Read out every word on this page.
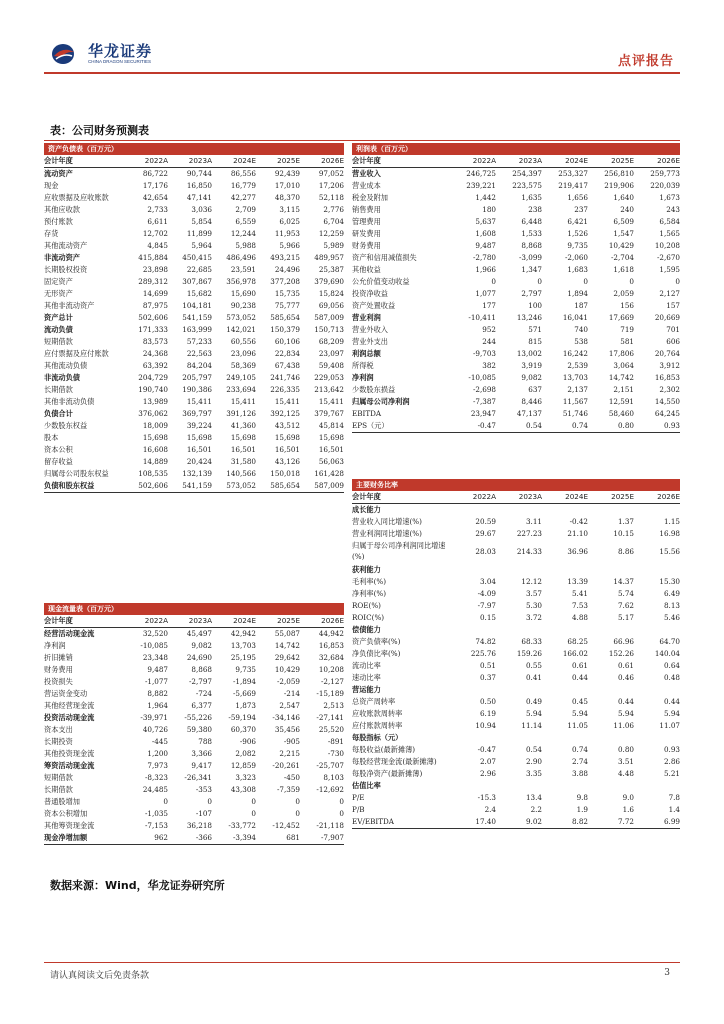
华龙证券
CHINA DRAGON SECURITIES	点评报告
表：公司财务预测表
资产负债表（百万元）
会计年度	2022A	2023A	2024E	2025E	2026E
流动资产	86,722	90,744	86,556	92,439	97,052
现金	17,176	16,850	16,779	17,010	17,206
应收票据及应收账款	42,654	47,141	42,277	48,370	52,118
其他应收款	2,733	3,036	2,709	3,115	2,776
预付账款	6,611	5,854	6,559	6,025	6,704
存货	12,702	11,899	12,244	11,953	12,259
其他流动资产	4,845	5,964	5,988	5,966	5,989
非流动资产	415,884	450,415	486,496	493,215	489,957
长期股权投资	23,898	22,685	23,591	24,496	25,387
固定资产	289,312	307,867	356,978	377,208	379,690
无形资产	14,699	15,682	15,690	15,735	15,824
其他非流动资产	87,975	104,181	90,238	75,777	69,056
资产总计	502,606	541,159	573,052	585,654	587,009
流动负债	171,333	163,999	142,021	150,379	150,713
短期借款	83,573	57,233	60,556	60,106	68,209
应付票据及应付账款	24,368	22,563	23,096	22,834	23,097
其他流动负债	63,392	84,204	58,369	67,438	59,408
非流动负债	204,729	205,797	249,105	241,746	229,053
长期借款	190,740	190,386	233,694	226,335	213,642
其他非流动负债	13,989	15,411	15,411	15,411	15,411
负债合计	376,062	369,797	391,126	392,125	379,767
少数股东权益	18,009	39,224	41,360	43,512	45,814
股本	15,698	15,698	15,698	15,698	15,698
资本公积	16,608	16,501	16,501	16,501	16,501
留存收益	14,889	20,424	31,580	43,126	56,063
归属母公司股东权益	108,535	132,139	140,566	150,018	161,428
负债和股东权益	502,606	541,159	573,052	585,654	587,009
利润表（百万元）
会计年度	2022A	2023A	2024E	2025E	2026E
营业收入	246,725	254,397	253,327	256,810	259,773
营业成本	239,221	223,575	219,417	219,906	220,039
税金及附加	1,442	1,635	1,656	1,640	1,673
销售费用	180	238	237	240	243
管理费用	5,637	6,448	6,421	6,509	6,584
研发费用	1,608	1,533	1,526	1,547	1,565
财务费用	9,487	8,868	9,735	10,429	10,208
资产和信用减值损失	-2,780	-3,099	-2,060	-2,704	-2,670
其他收益	1,966	1,347	1,683	1,618	1,595
公允价值变动收益	0	0	0	0	0
投资净收益	1,077	2,797	1,894	2,059	2,127
资产处置收益	177	100	187	156	157
营业利润	-10,411	13,246	16,041	17,669	20,669
营业外收入	952	571	740	719	701
营业外支出	244	815	538	581	606
利润总额	-9,703	13,002	16,242	17,806	20,764
所得税	382	3,919	2,539	3,064	3,912
净利润	-10,085	9,082	13,703	14,742	16,853
少数股东损益	-2,698	637	2,137	2,151	2,302
归属母公司净利润	-7,387	8,446	11,567	12,591	14,550
EBITDA	23,947	47,137	51,746	58,460	64,245
EPS（元）	-0.47	0.54	0.74	0.80	0.93
现金流量表（百万元）
会计年度	2022A	2023A	2024E	2025E	2026E
经营活动现金流	32,520	45,497	42,942	55,087	44,942
净利润	-10,085	9,082	13,703	14,742	16,853
折旧摊销	23,348	24,690	25,195	29,642	32,684
财务费用	9,487	8,868	9,735	10,429	10,208
投资损失	-1,077	-2,797	-1,894	-2,059	-2,127
营运资金变动	8,882	-724	-5,669	-214	-15,189
其他经营现金流	1,964	6,377	1,873	2,547	2,513
投资活动现金流	-39,971	-55,226	-59,194	-34,146	-27,141
资本支出	40,726	59,380	60,370	35,456	25,520
长期投资	-445	788	-906	-905	-891
其他投资现金流	1,200	3,366	2,082	2,215	-730
筹资活动现金流	7,973	9,417	12,859	-20,261	-25,707
短期借款	-8,323	-26,341	3,323	-450	8,103
长期借款	24,485	-353	43,308	-7,359	-12,692
普通股增加	0	0	0	0	0
资本公积增加	-1,035	-107	0	0	0
其他筹资现金流	-7,153	36,218	-33,772	-12,452	-21,118
现金净增加额	962	-366	-3,394	681	-7,907
主要财务比率
会计年度	2022A	2023A	2024E	2025E	2026E
成长能力
营业收入同比增速(%)	20.59	3.11	-0.42	1.37	1.15
营业利润同比增速(%)	29.67	227.23	21.10	10.15	16.98
归属于母公司净利润同比增速(%)
28.03	214.33	36.96	8.86	15.56
获利能力
毛利率(%)	3.04	12.12	13.39	14.37	15.30
净利率(%)	-4.09	3.57	5.41	5.74	6.49
ROE(%)	-7.97	5.30	7.53	7.62	8.13
ROIC(%)	0.15	3.72	4.88	5.17	5.46
偿债能力
资产负债率(%)	74.82	68.33	68.25	66.96	64.70
净负债比率(%)	225.76	159.26	166.02	152.26	140.04
流动比率	0.51	0.55	0.61	0.61	0.64
速动比率	0.37	0.41	0.44	0.46	0.48
营运能力
总资产周转率	0.50	0.49	0.45	0.44	0.44
应收账款周转率	6.19	5.94	5.94	5.94	5.94
应付账款周转率	10.94	11.14	11.05	11.06	11.07
每股指标（元）
每股收益(最新摊薄)	-0.47	0.54	0.74	0.80	0.93
每股经营现金流(最新摊薄)	2.07	2.90	2.74	3.51	2.86
每股净资产(最新摊薄)	2.96	3.35	3.88	4.48	5.21
估值比率
P/E	-15.3	13.4	9.8	9.0	7.8
P/B	2.4	2.2	1.9	1.6	1.4
EV/EBITDA	17.40	9.02	8.82	7.72	6.99
数据来源：Wind，华龙证券研究所
请认真阅读文后免责条款	3
